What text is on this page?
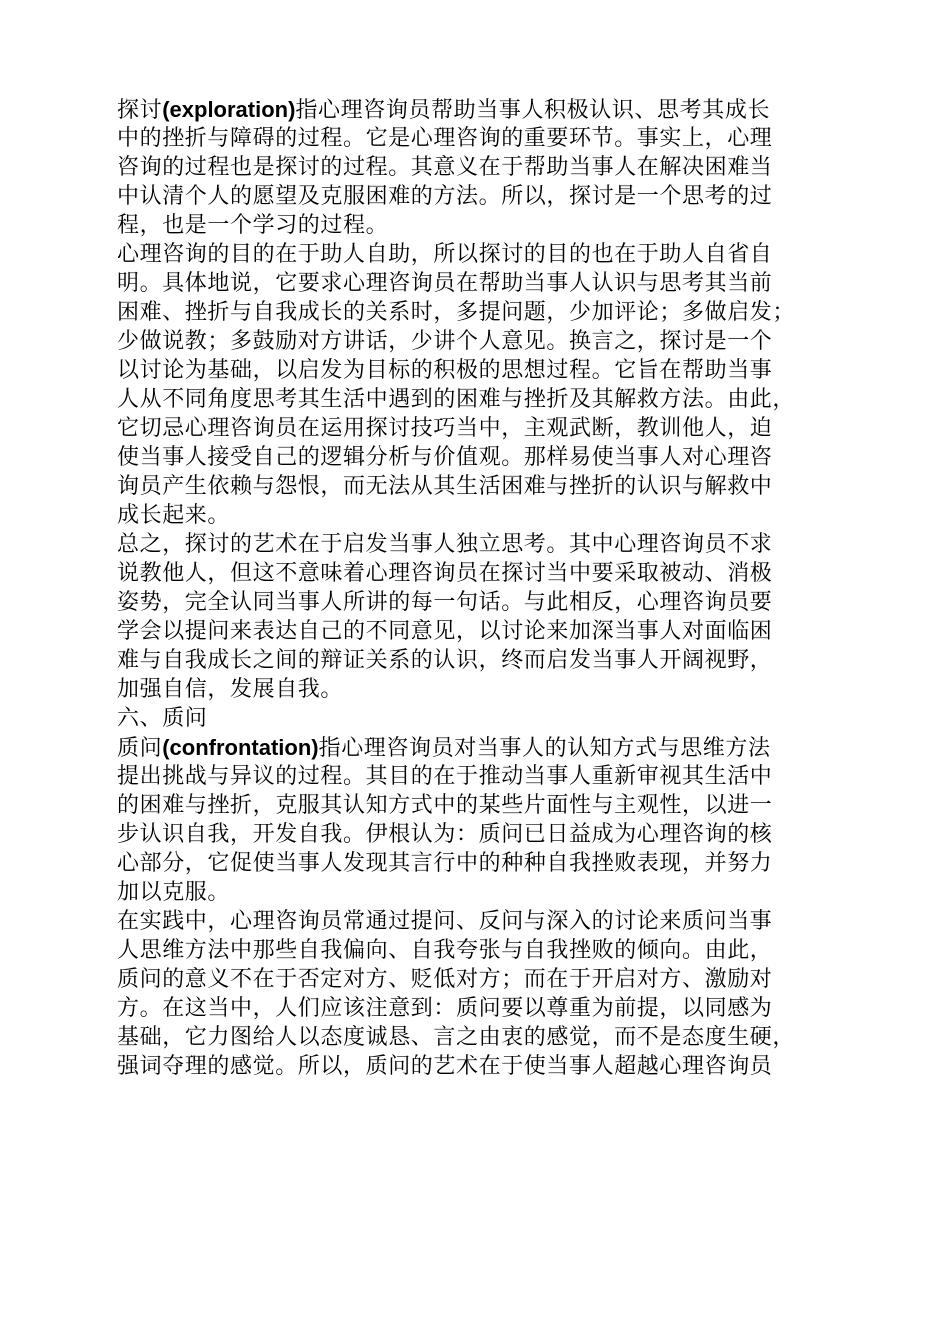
探讨(exploration)指心理咨询员帮助当事人积极认识、思考其成长
中的挫折与障碍的过程。它是心理咨询的重要环节。事实上，心理
咨询的过程也是探讨的过程。其意义在于帮助当事人在解决困难当
中认清个人的愿望及克服困难的方法。所以，探讨是一个思考的过
程，也是一个学习的过程。
心理咨询的目的在于助人自助，所以探讨的目的也在于助人自省自
明。具体地说，它要求心理咨询员在帮助当事人认识与思考其当前
困难、挫折与自我成长的关系时，多提问题，少加评论；多做启发；
少做说教；多鼓励对方讲话，少讲个人意见。换言之，探讨是一个
以讨论为基础，以启发为目标的积极的思想过程。它旨在帮助当事
人从不同角度思考其生活中遇到的困难与挫折及其解救方法。由此，
它切忌心理咨询员在运用探讨技巧当中，主观武断，教训他人，迫
使当事人接受自己的逻辑分析与价值观。那样易使当事人对心理咨
询员产生依赖与怨恨，而无法从其生活困难与挫折的认识与解救中
成长起来。
总之，探讨的艺术在于启发当事人独立思考。其中心理咨询员不求
说教他人，但这不意味着心理咨询员在探讨当中要采取被动、消极
姿势，完全认同当事人所讲的每一句话。与此相反，心理咨询员要
学会以提问来表达自己的不同意见，以讨论来加深当事人对面临困
难与自我成长之间的辩证关系的认识，终而启发当事人开阔视野，
加强自信，发展自我。
六、质问
质问(confrontation)指心理咨询员对当事人的认知方式与思维方法
提出挑战与异议的过程。其目的在于推动当事人重新审视其生活中
的困难与挫折，克服其认知方式中的某些片面性与主观性，以进一
步认识自我，开发自我。伊根认为：质问已日益成为心理咨询的核
心部分，它促使当事人发现其言行中的种种自我挫败表现，并努力
加以克服。
在实践中，心理咨询员常通过提问、反问与深入的讨论来质问当事
人思维方法中那些自我偏向、自我夸张与自我挫败的倾向。由此，
质问的意义不在于否定对方、贬低对方；而在于开启对方、激励对
方。在这当中，人们应该注意到：质问要以尊重为前提，以同感为
基础，它力图给人以态度诚恳、言之由衷的感觉，而不是态度生硬，
强词夺理的感觉。所以，质问的艺术在于使当事人超越心理咨询员
